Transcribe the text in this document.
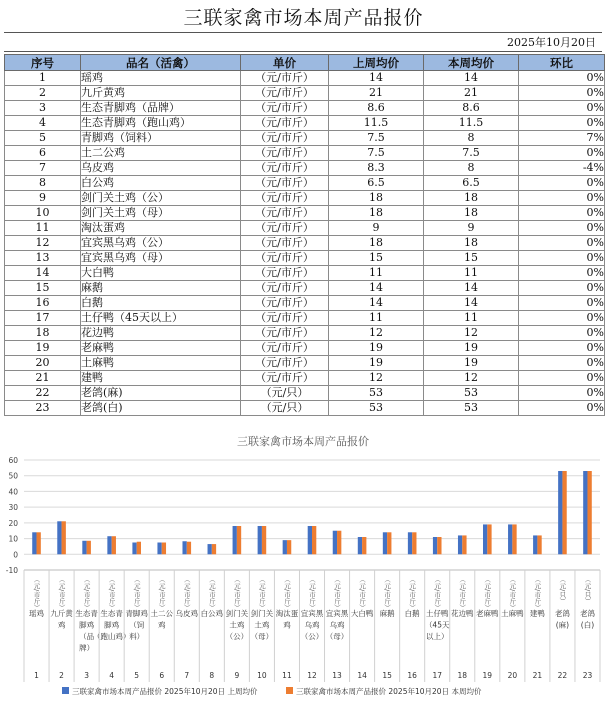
三联家禽市场本周产品报价
2025年10月20日
序号	品名（活禽）	单价	上周均价	本周均价	环比
1	瑶鸡	（元/市斤）	14	14	0%
2	九斤黄鸡	（元/市斤）	21	21	0%
3	生态青脚鸡（品牌）	（元/市斤）	8.6	8.6	0%
4	生态青脚鸡（跑山鸡）	（元/市斤）	11.5	11.5	0%
5	青脚鸡（饲料）	（元/市斤）	7.5	8	7%
6	土二公鸡	（元/市斤）	7.5	7.5	0%
7	乌皮鸡	（元/市斤）	8.3	8	-4%
8	白公鸡	（元/市斤）	6.5	6.5	0%
9	剑门关土鸡（公）	（元/市斤）	18	18	0%
10	剑门关土鸡（母）	（元/市斤）	18	18	0%
11	淘汰蛋鸡	（元/市斤）	9	9	0%
12	宜宾黑乌鸡（公）	（元/市斤）	18	18	0%
13	宜宾黑乌鸡（母）	（元/市斤）	15	15	0%
14	大白鸭	（元/市斤）	11	11	0%
15	麻鹅	（元/市斤）	14	14	0%
16	白鹅	（元/市斤）	14	14	0%
17	土仔鸭（45天以上）	（元/市斤）	11	11	0%
18	花边鸭	（元/市斤）	12	12	0%
19	老麻鸭	（元/市斤）	19	19	0%
20	土麻鸭	（元/市斤）	19	19	0%
21	建鸭	（元/市斤）	12	12	0%
22	老鸽(麻)	（元/只）	53	53	0%
23	老鸽(白)	（元/只）	53	53	0%
三联家禽市场本周产品报价
-10
0
10
20
30
40
50
60
瑶鸡
（元/市斤）
1
九斤黄
鸡
（元/市斤）
2
生态青
脚鸡
（品
牌）
（元/市斤）
3
生态青
脚鸡
（跑山鸡）
（元/市斤）
4
青脚鸡
（饲
料）
（元/市斤）
5
土二公
鸡
（元/市斤）
6
乌皮鸡
（元/市斤）
7
白公鸡
（元/市斤）
8
剑门关
土鸡
（公）
（元/市斤）
9
剑门关
土鸡
（母）
（元/市斤）
10
淘汰蛋
鸡
（元/市斤）
11
宜宾黑
乌鸡
（公）
（元/市斤）
12
宜宾黑
乌鸡
（母）
（元/市斤）
13
大白鸭
（元/市斤）
14
麻鹅
（元/市斤）
15
白鹅
（元/市斤）
16
土仔鸭
（45天
以上）
（元/市斤）
17
花边鸭
（元/市斤）
18
老麻鸭
（元/市斤）
19
土麻鸭
（元/市斤）
20
建鸭
（元/市斤）
21
老鸽
(麻)
（元/只）
22
老鸽
(白)
（元/只）
23
三联家禽市场本周产品报价 2025年10月20日 上周均价	三联家禽市场本周产品报价 2025年10月20日 本周均价
